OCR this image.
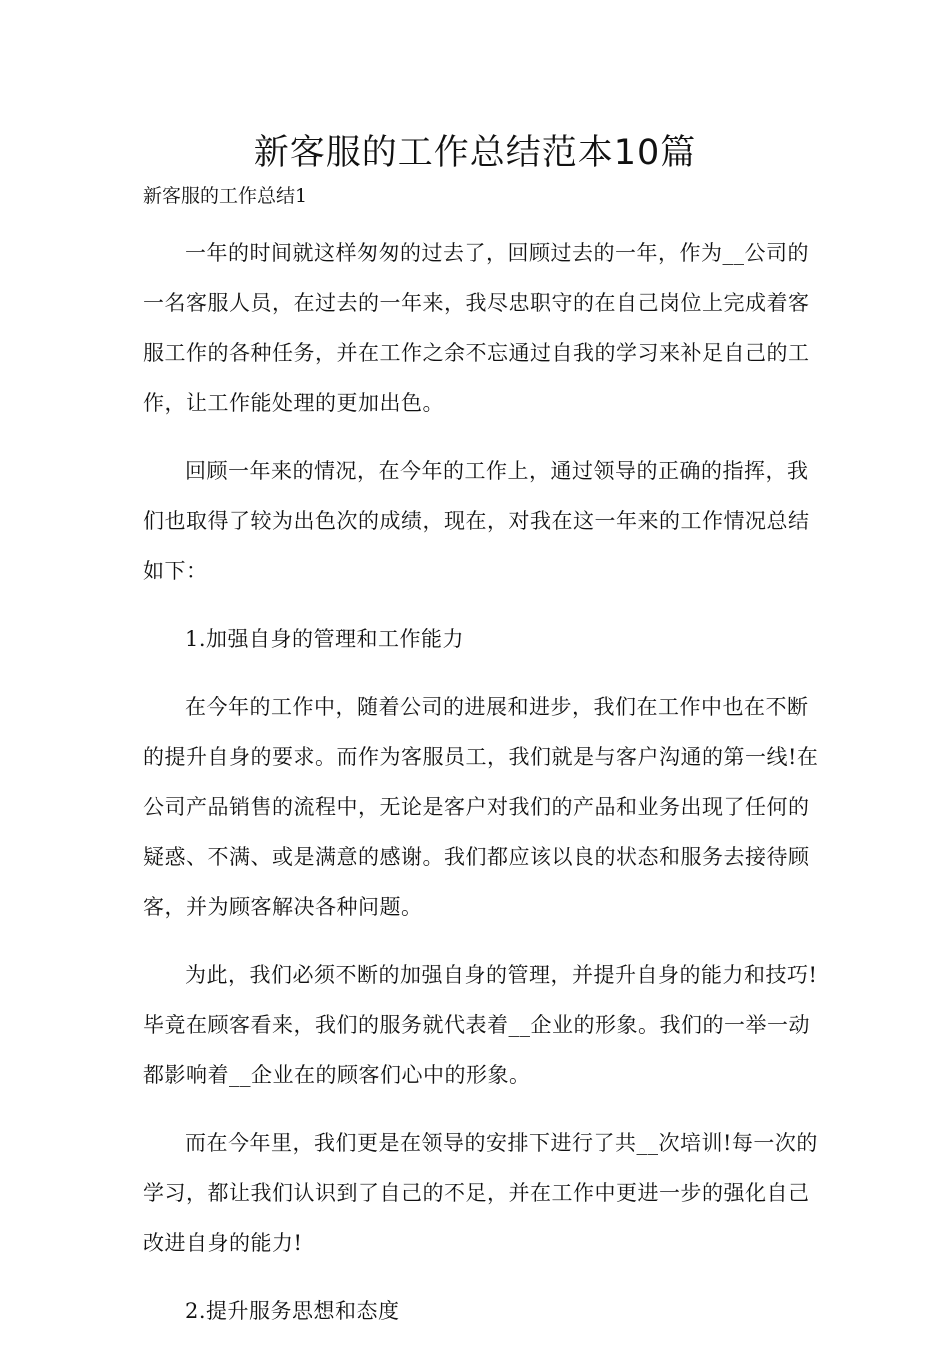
新客服的工作总结范本10篇

新客服的工作总结1

一年的时间就这样匆匆的过去了，回顾过去的一年，作为__公司的一名客服人员，在过去的一年来，我尽忠职守的在自己岗位上完成着客服工作的各种任务，并在工作之余不忘通过自我的学习来补足自己的工作，让工作能处理的更加出色。

回顾一年来的情况，在今年的工作上，通过领导的正确的指挥，我们也取得了较为出色次的成绩，现在，对我在这一年来的工作情况总结如下：

1.加强自身的管理和工作能力

在今年的工作中，随着公司的进展和进步，我们在工作中也在不断的提升自身的要求。而作为客服员工，我们就是与客户沟通的第一线!在公司产品销售的流程中，无论是客户对我们的产品和业务出现了任何的疑惑、不满、或是满意的感谢。我们都应该以良的状态和服务去接待顾客，并为顾客解决各种问题。

为此，我们必须不断的加强自身的管理，并提升自身的能力和技巧!毕竟在顾客看来，我们的服务就代表着__企业的形象。我们的一举一动都影响着__企业在的顾客们心中的形象。

而在今年里，我们更是在领导的安排下进行了共__次培训!每一次的学习，都让我们认识到了自己的不足，并在工作中更进一步的强化自己改进自身的能力!

2.提升服务思想和态度
